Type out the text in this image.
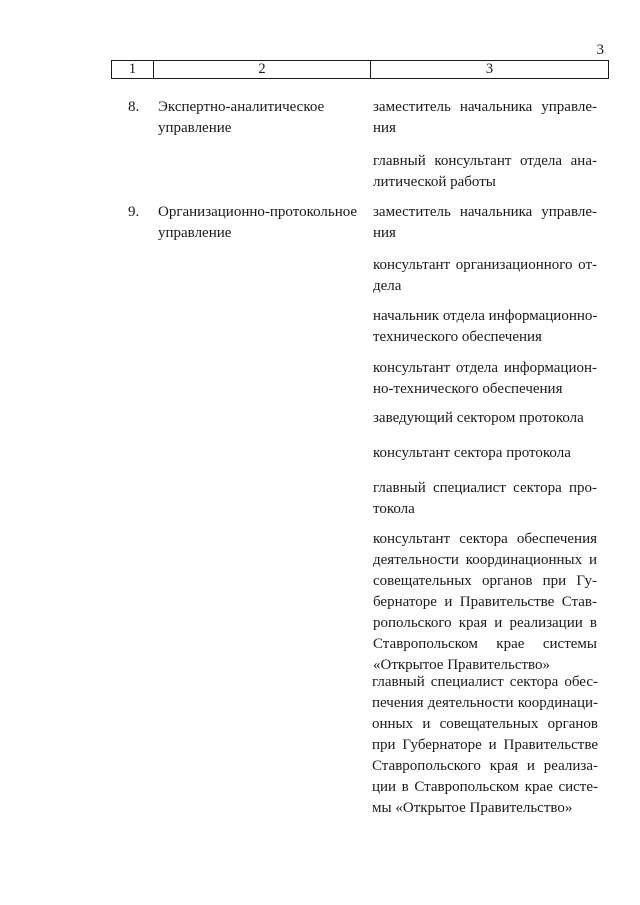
3
1	2	3
8. Экспертно-аналитическое
управление
заместитель начальника управле-
ния
главный консультант отдела ана-
литической работы
9. Организационно-протокольное
управление
заместитель начальника управле-
ния
консультант организационного от-
дела
начальник отдела информационно-
технического обеспечения
консультант отдела информацион-
но-технического обеспечения
заведующий сектором протокола
консультант сектора протокола
главный специалист сектора про-
токола
консультант сектора обеспечения
деятельности координационных и
совещательных органов при Гу-
бернаторе и Правительстве Став-
ропольского края и реализации в
Ставропольском крае системы
«Открытое Правительство»
главный специалист сектора обес-
печения деятельности координаци-
онных и совещательных органов
при Губернаторе и Правительстве
Ставропольского края и реализа-
ции в Ставропольском крае систе-
мы «Открытое Правительство»
